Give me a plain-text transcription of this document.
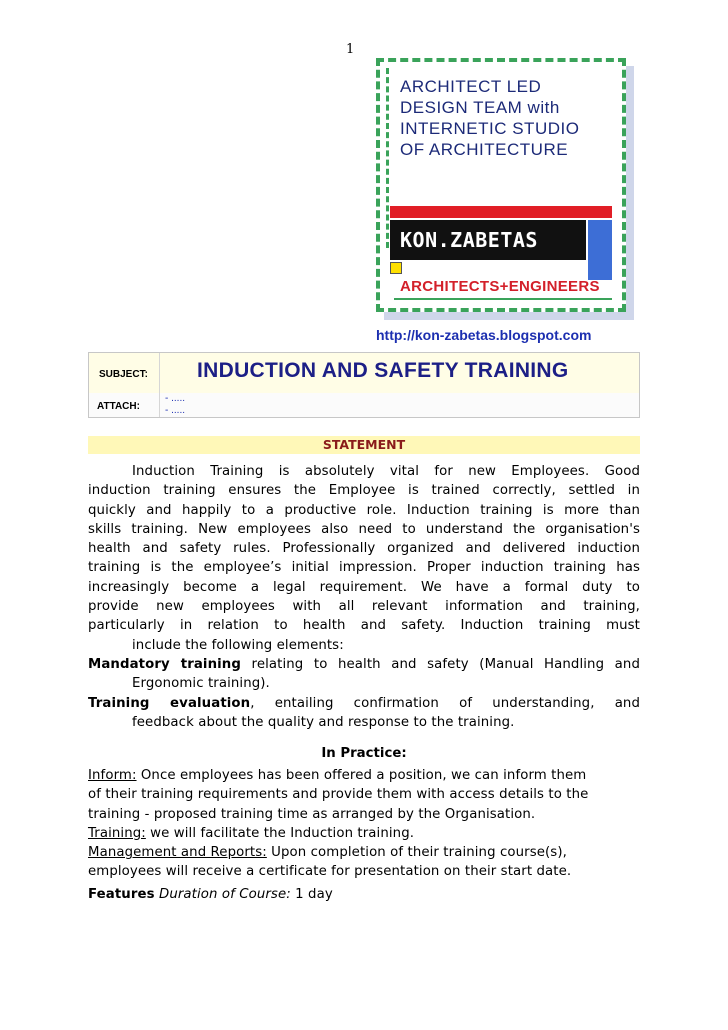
1
ARCHITECT LED
DESIGN TEAM with
INTERNETIC STUDIO
OF ARCHITECTURE
KON.ZABETAS
ARCHITECTS+ENGINEERS
http://kon-zabetas.blogspot.com
SUBJECT: INDUCTION AND SAFETY TRAINING
ATTACH:
- .....
- .....
STATEMENT
Induction Training is absolutely vital for new Employees. Good
induction training ensures the Employee is trained correctly, settled in
quickly and happily to a productive role. Induction training is more than
skills training. New employees also need to understand the organisation's
health and safety rules. Professionally organized and delivered induction
training is the employee’s initial impression. Proper induction training has
increasingly become a legal requirement. We have a formal duty to
provide new employees with all relevant information and training,
particularly in relation to health and safety. Induction training must
include the following elements:
Mandatory training relating to health and safety (Manual Handling and
Ergonomic training).
Training evaluation, entailing confirmation of understanding, and
feedback about the quality and response to the training.
In Practice:
Inform: Once employees has been offered a position, we can inform them
of their training requirements and provide them with access details to the
training - proposed training time as arranged by the Organisation.
Training: we will facilitate the Induction training.
Management and Reports: Upon completion of their training course(s),
employees will receive a certificate for presentation on their start date.
Features Duration of Course: 1 day
